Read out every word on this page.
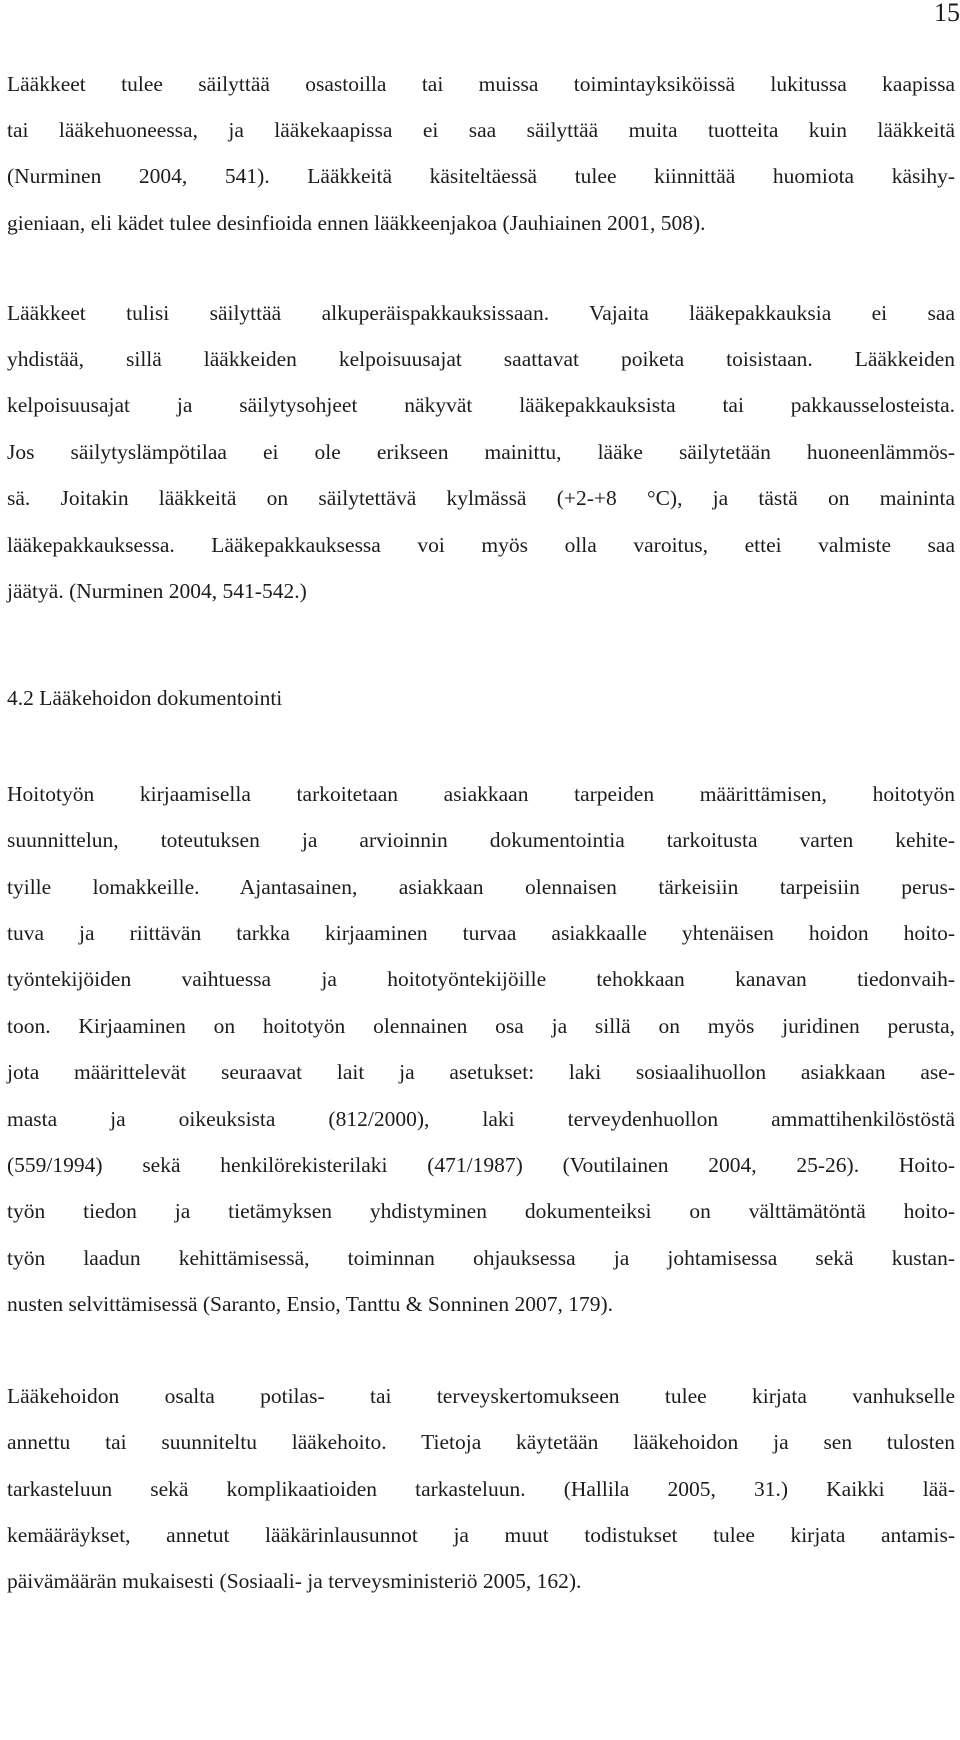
15
Lääkkeet tulee säilyttää osastoilla tai muissa toimintayksiköissä lukitussa kaapissa
tai lääkehuoneessa, ja lääkekaapissa ei saa säilyttää muita tuotteita kuin lääkkeitä
(Nurminen 2004, 541). Lääkkeitä käsiteltäessä tulee kiinnittää huomiota käsihy-
gieniaan, eli kädet tulee desinfioida ennen lääkkeenjakoa (Jauhiainen 2001, 508).
Lääkkeet tulisi säilyttää alkuperäispakkauksissaan. Vajaita lääkepakkauksia ei saa
yhdistää, sillä lääkkeiden kelpoisuusajat saattavat poiketa toisistaan. Lääkkeiden
kelpoisuusajat ja säilytysohjeet näkyvät lääkepakkauksista tai pakkausselosteista.
Jos säilytyslämpötilaa ei ole erikseen mainittu, lääke säilytetään huoneenlämmös-
sä. Joitakin lääkkeitä on säilytettävä kylmässä (+2-+8 °C), ja tästä on maininta
lääkepakkauksessa. Lääkepakkauksessa voi myös olla varoitus, ettei valmiste saa
jäätyä. (Nurminen 2004, 541-542.)
4.2 Lääkehoidon dokumentointi
Hoitotyön kirjaamisella tarkoitetaan asiakkaan tarpeiden määrittämisen, hoitotyön
suunnittelun, toteutuksen ja arvioinnin dokumentointia tarkoitusta varten kehite-
tyille lomakkeille. Ajantasainen, asiakkaan olennaisen tärkeisiin tarpeisiin perus-
tuva ja riittävän tarkka kirjaaminen turvaa asiakkaalle yhtenäisen hoidon hoito-
työntekijöiden vaihtuessa ja hoitotyöntekijöille tehokkaan kanavan tiedonvaih-
toon. Kirjaaminen on hoitotyön olennainen osa ja sillä on myös juridinen perusta,
jota määrittelevät seuraavat lait ja asetukset: laki sosiaalihuollon asiakkaan ase-
masta ja oikeuksista (812/2000), laki terveydenhuollon ammattihenkilöstöstä
(559/1994) sekä henkilörekisterilaki (471/1987) (Voutilainen 2004, 25-26). Hoito-
työn tiedon ja tietämyksen yhdistyminen dokumenteiksi on välttämätöntä hoito-
työn laadun kehittämisessä, toiminnan ohjauksessa ja johtamisessa sekä kustan-
nusten selvittämisessä (Saranto, Ensio, Tanttu & Sonninen 2007, 179).
Lääkehoidon osalta potilas- tai terveyskertomukseen tulee kirjata vanhukselle
annettu tai suunniteltu lääkehoito. Tietoja käytetään lääkehoidon ja sen tulosten
tarkasteluun sekä komplikaatioiden tarkasteluun. (Hallila 2005, 31.) Kaikki lää-
kemääräykset, annetut lääkärinlausunnot ja muut todistukset tulee kirjata antamis-
päivämäärän mukaisesti (Sosiaali- ja terveysministeriö 2005, 162).
